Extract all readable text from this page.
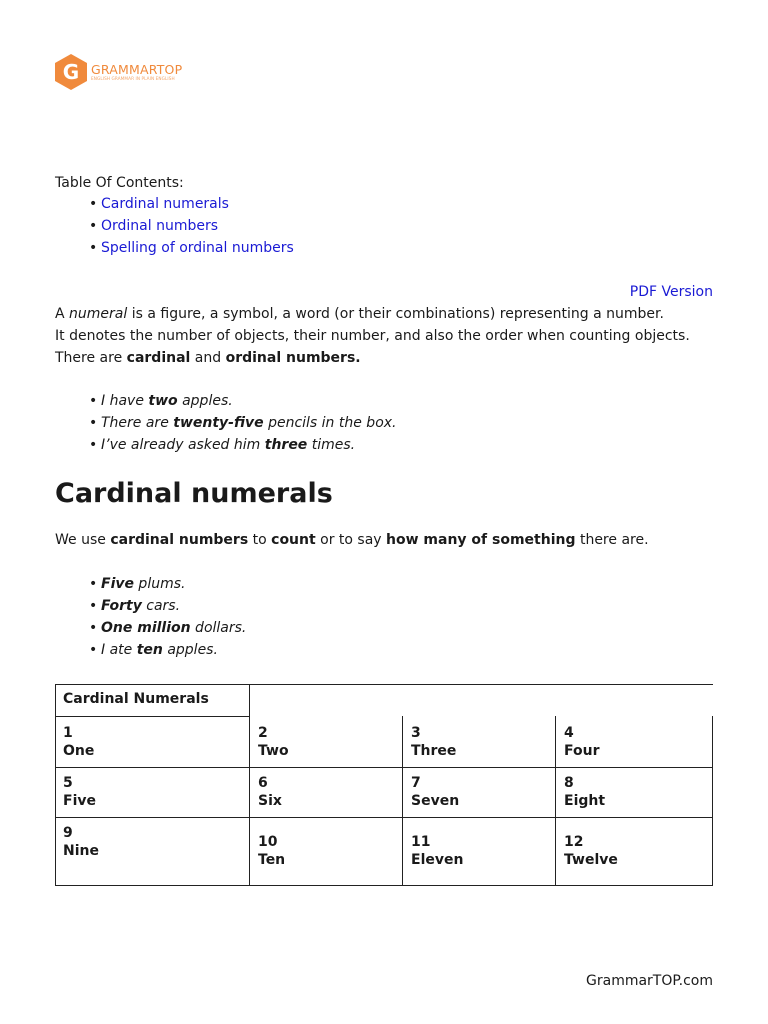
G GRAMMARTOP
ENGLISH GRAMMAR IN PLAIN ENGLISH
Table Of Contents:
• Cardinal numerals
• Ordinal numbers
• Spelling of ordinal numbers
PDF Version

A numeral is a figure, a symbol, a word (or their combinations) representing a number.

It denotes the number of objects, their number, and also the order when counting objects.

There are cardinal and ordinal numbers.

• I have two apples.
• There are twenty-five pencils in the box.
• I’ve already asked him three times.
Cardinal numerals

We use cardinal numbers to count or to say how many of something there are.

• Five plums.
• Forty cars.
• One million dollars.
• I ate ten apples.
Cardinal Numerals
1
One
2
Two
3
Three
4
Four
5
Five
6
Six
7
Seven
8
Eight
9
Nine
10
Ten
11
Eleven
12
Twelve
GrammarTOP.com
